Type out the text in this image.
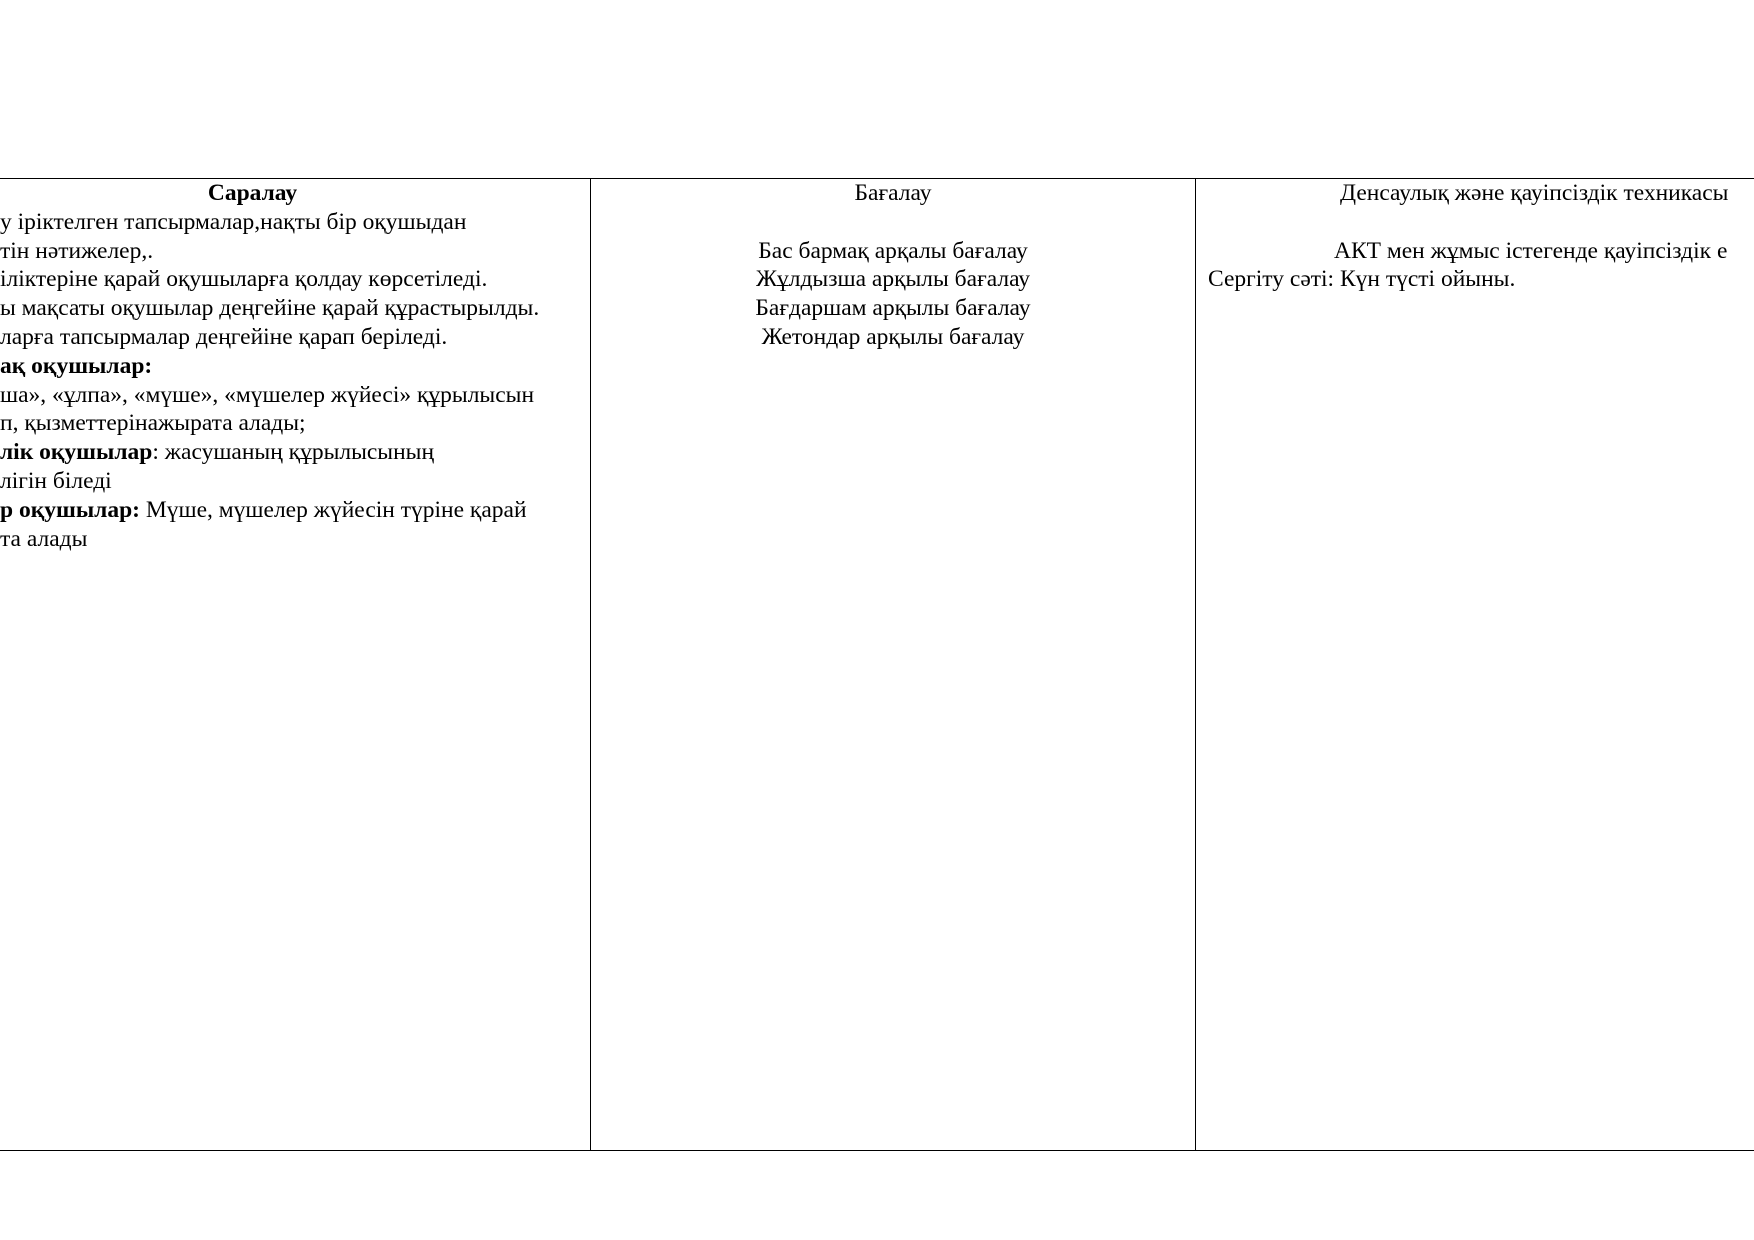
Саралау
у іріктелген тапсырмалар,нақты бір оқушыдан
тін нәтижелер,.
іліктеріне қарай оқушыларға қолдау көрсетіледі.
ы мақсаты оқушылар деңгейіне қарай құрастырылды.
ларға тапсырмалар деңгейіне қарап беріледі.
ақ оқушылар:
ша», «ұлпа», «мүше», «мүшелер жүйесі» құрылысын
п, қызметтерінажырата алады;
лік оқушылар: жасушаның құрылысының
лігін біледі
р оқушылар: Мүше, мүшелер жүйесін түріне қарай
та алады
Бағалау
Бас бармақ арқалы бағалау
Жұлдызша арқылы бағалау
Бағдаршам арқылы бағалау
Жетондар арқылы бағалау
Денсаулық және қауіпсіздік техникасы
АКТ мен жұмыс істегенде қауіпсіздік е
Сергіту сәті: Күн түсті ойыны.
